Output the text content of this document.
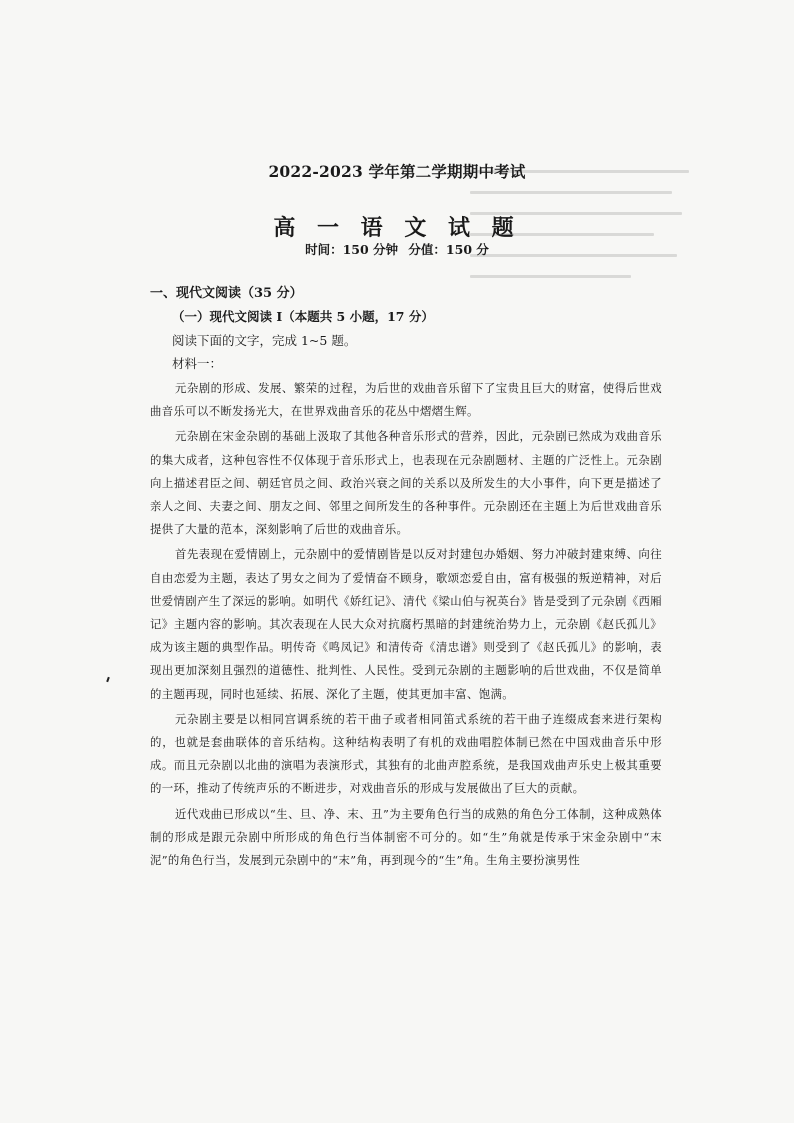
2022-2023 学年第二学期期中考试
高 一 语 文 试 题
时间：150 分钟 分值：150 分
一、现代文阅读（35 分）
（一）现代文阅读 I（本题共 5 小题，17 分）
阅读下面的文字，完成 1~5 题。
材料一：

元杂剧的形成、发展、繁荣的过程，为后世的戏曲音乐留下了宝贵且巨大的财富，使得后世戏曲音乐可以不断发扬光大，在世界戏曲音乐的花丛中熠熠生辉。

元杂剧在宋金杂剧的基础上汲取了其他各种音乐形式的营养，因此，元杂剧已然成为戏曲音乐的集大成者，这种包容性不仅体现于音乐形式上，也表现在元杂剧题材、主题的广泛性上。元杂剧向上描述君臣之间、朝廷官员之间、政治兴衰之间的关系以及所发生的大小事件，向下更是描述了亲人之间、夫妻之间、朋友之间、邻里之间所发生的各种事件。元杂剧还在主题上为后世戏曲音乐提供了大量的范本，深刻影响了后世的戏曲音乐。

首先表现在爱情剧上，元杂剧中的爱情剧皆是以反对封建包办婚姻、努力冲破封建束缚、向往自由恋爱为主题，表达了男女之间为了爱情奋不顾身，歌颂恋爱自由，富有极强的叛逆精神，对后世爱情剧产生了深远的影响。如明代《娇红记》、清代《梁山伯与祝英台》皆是受到了元杂剧《西厢记》主题内容的影响。其次表现在人民大众对抗腐朽黑暗的封建统治势力上，元杂剧《赵氏孤儿》成为该主题的典型作品。明传奇《鸣凤记》和清传奇《清忠谱》则受到了《赵氏孤儿》的影响，表现出更加深刻且强烈的道德性、批判性、人民性。受到元杂剧的主题影响的后世戏曲，不仅是简单的主题再现，同时也延续、拓展、深化了主题，使其更加丰富、饱满。

元杂剧主要是以相同宫调系统的若干曲子或者相同笛式系统的若干曲子连缀成套来进行架构的，也就是套曲联体的音乐结构。这种结构表明了有机的戏曲唱腔体制已然在中国戏曲音乐中形成。而且元杂剧以北曲的演唱为表演形式，其独有的北曲声腔系统，是我国戏曲声乐史上极其重要的一环，推动了传统声乐的不断进步，对戏曲音乐的形成与发展做出了巨大的贡献。

近代戏曲已形成以“生、旦、净、末、丑”为主要角色行当的成熟的角色分工体制，这种成熟体制的形成是跟元杂剧中所形成的角色行当体制密不可分的。如“生”角就是传承于宋金杂剧中“末泥”的角色行当，发展到元杂剧中的“末”角，再到现今的“生”角。生角主要扮演男性
